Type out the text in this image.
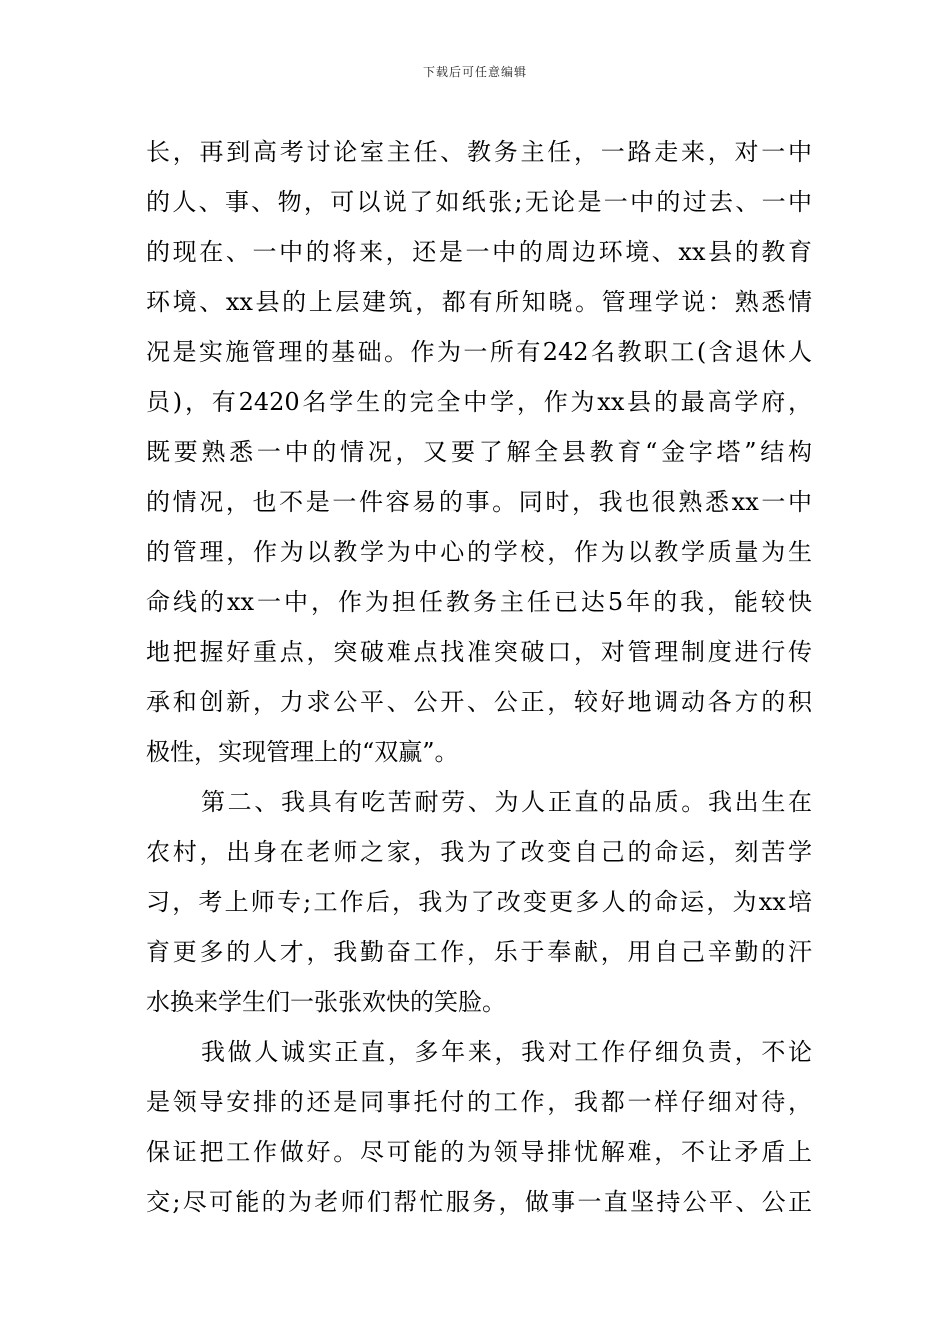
下载后可任意编辑
长，再到高考讨论室主任、教务主任，一路走来，对一中
的人、事、物，可以说了如纸张;无论是一中的过去、一中
的现在、一中的将来，还是一中的周边环境、xx县的教育
环境、xx县的上层建筑，都有所知晓。管理学说：熟悉情
况是实施管理的基础。作为一所有242名教职工(含退休人
员)，有2420名学生的完全中学，作为xx县的最高学府，
既要熟悉一中的情况，又要了解全县教育“金字塔”结构
的情况，也不是一件容易的事。同时，我也很熟悉xx一中
的管理，作为以教学为中心的学校，作为以教学质量为生
命线的xx一中，作为担任教务主任已达5年的我，能较快
地把握好重点，突破难点找准突破口，对管理制度进行传
承和创新，力求公平、公开、公正，较好地调动各方的积
极性，实现管理上的“双赢”。
第二、我具有吃苦耐劳、为人正直的品质。我出生在
农村，出身在老师之家，我为了改变自己的命运，刻苦学
习，考上师专;工作后，我为了改变更多人的命运，为xx培
育更多的人才，我勤奋工作，乐于奉献，用自己辛勤的汗
水换来学生们一张张欢快的笑脸。
我做人诚实正直，多年来，我对工作仔细负责，不论
是领导安排的还是同事托付的工作，我都一样仔细对待，
保证把工作做好。尽可能的为领导排忧解难，不让矛盾上
交;尽可能的为老师们帮忙服务，做事一直坚持公平、公正
